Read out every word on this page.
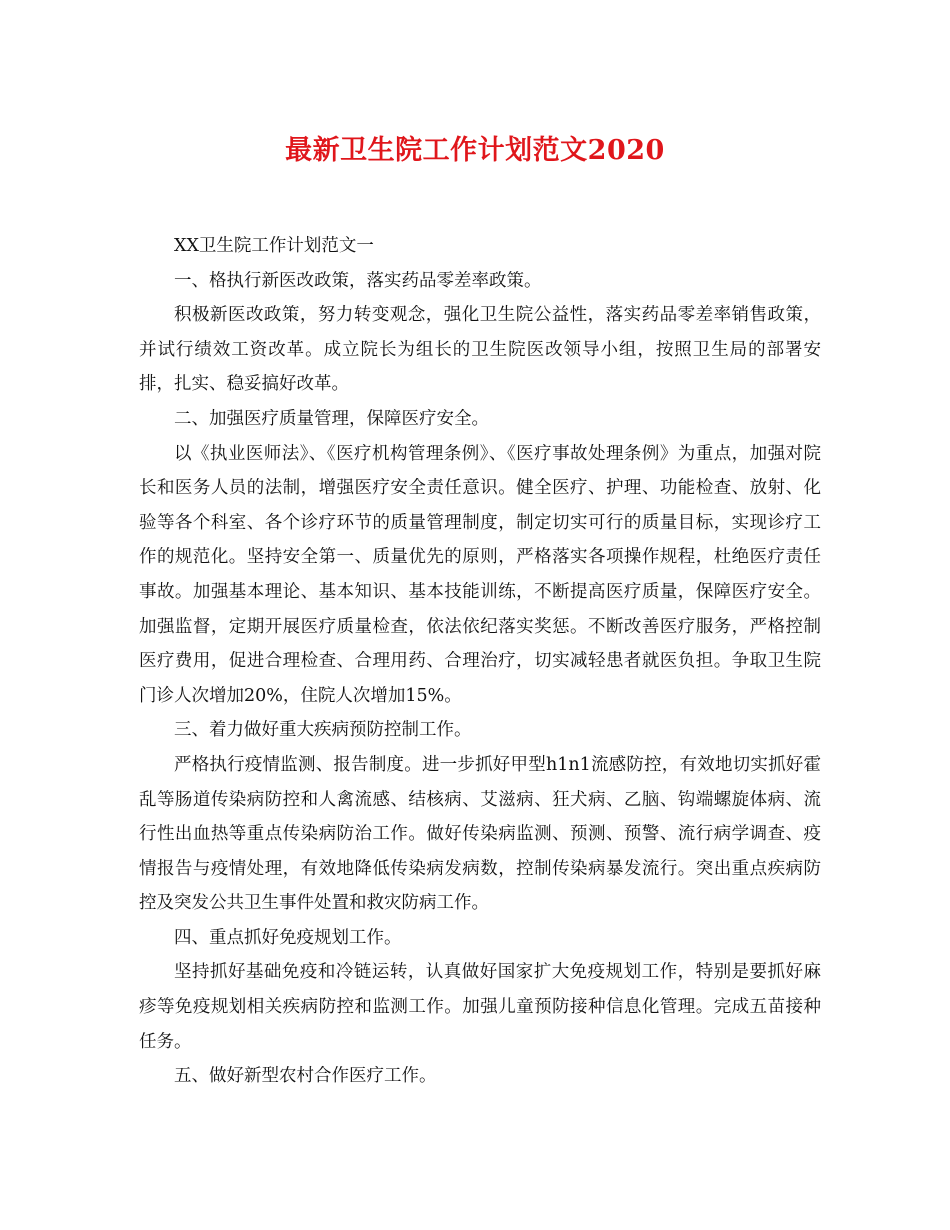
最新卫生院工作计划范文2020

XX卫生院工作计划范文一

一、格执行新医改政策，落实药品零差率政策。

积极新医改政策，努力转变观念，强化卫生院公益性，落实药品零差率销售政策，并试行绩效工资改革。成立院长为组长的卫生院医改领导小组，按照卫生局的部署安排，扎实、稳妥搞好改革。

二、加强医疗质量管理，保障医疗安全。

以《执业医师法》、《医疗机构管理条例》、《医疗事故处理条例》为重点，加强对院长和医务人员的法制，增强医疗安全责任意识。健全医疗、护理、功能检查、放射、化验等各个科室、各个诊疗环节的质量管理制度，制定切实可行的质量目标，实现诊疗工作的规范化。坚持安全第一、质量优先的原则，严格落实各项操作规程，杜绝医疗责任事故。加强基本理论、基本知识、基本技能训练，不断提高医疗质量，保障医疗安全。加强监督，定期开展医疗质量检查，依法依纪落实奖惩。不断改善医疗服务，严格控制医疗费用，促进合理检查、合理用药、合理治疗，切实减轻患者就医负担。争取卫生院门诊人次增加20%，住院人次增加15%。

三、着力做好重大疾病预防控制工作。

严格执行疫情监测、报告制度。进一步抓好甲型h1n1流感防控，有效地切实抓好霍乱等肠道传染病防控和人禽流感、结核病、艾滋病、狂犬病、乙脑、钩端螺旋体病、流行性出血热等重点传染病防治工作。做好传染病监测、预测、预警、流行病学调查、疫情报告与疫情处理，有效地降低传染病发病数，控制传染病暴发流行。突出重点疾病防控及突发公共卫生事件处置和救灾防病工作。

四、重点抓好免疫规划工作。

坚持抓好基础免疫和冷链运转，认真做好国家扩大免疫规划工作，特别是要抓好麻疹等免疫规划相关疾病防控和监测工作。加强儿童预防接种信息化管理。完成五苗接种任务。

五、做好新型农村合作医疗工作。
